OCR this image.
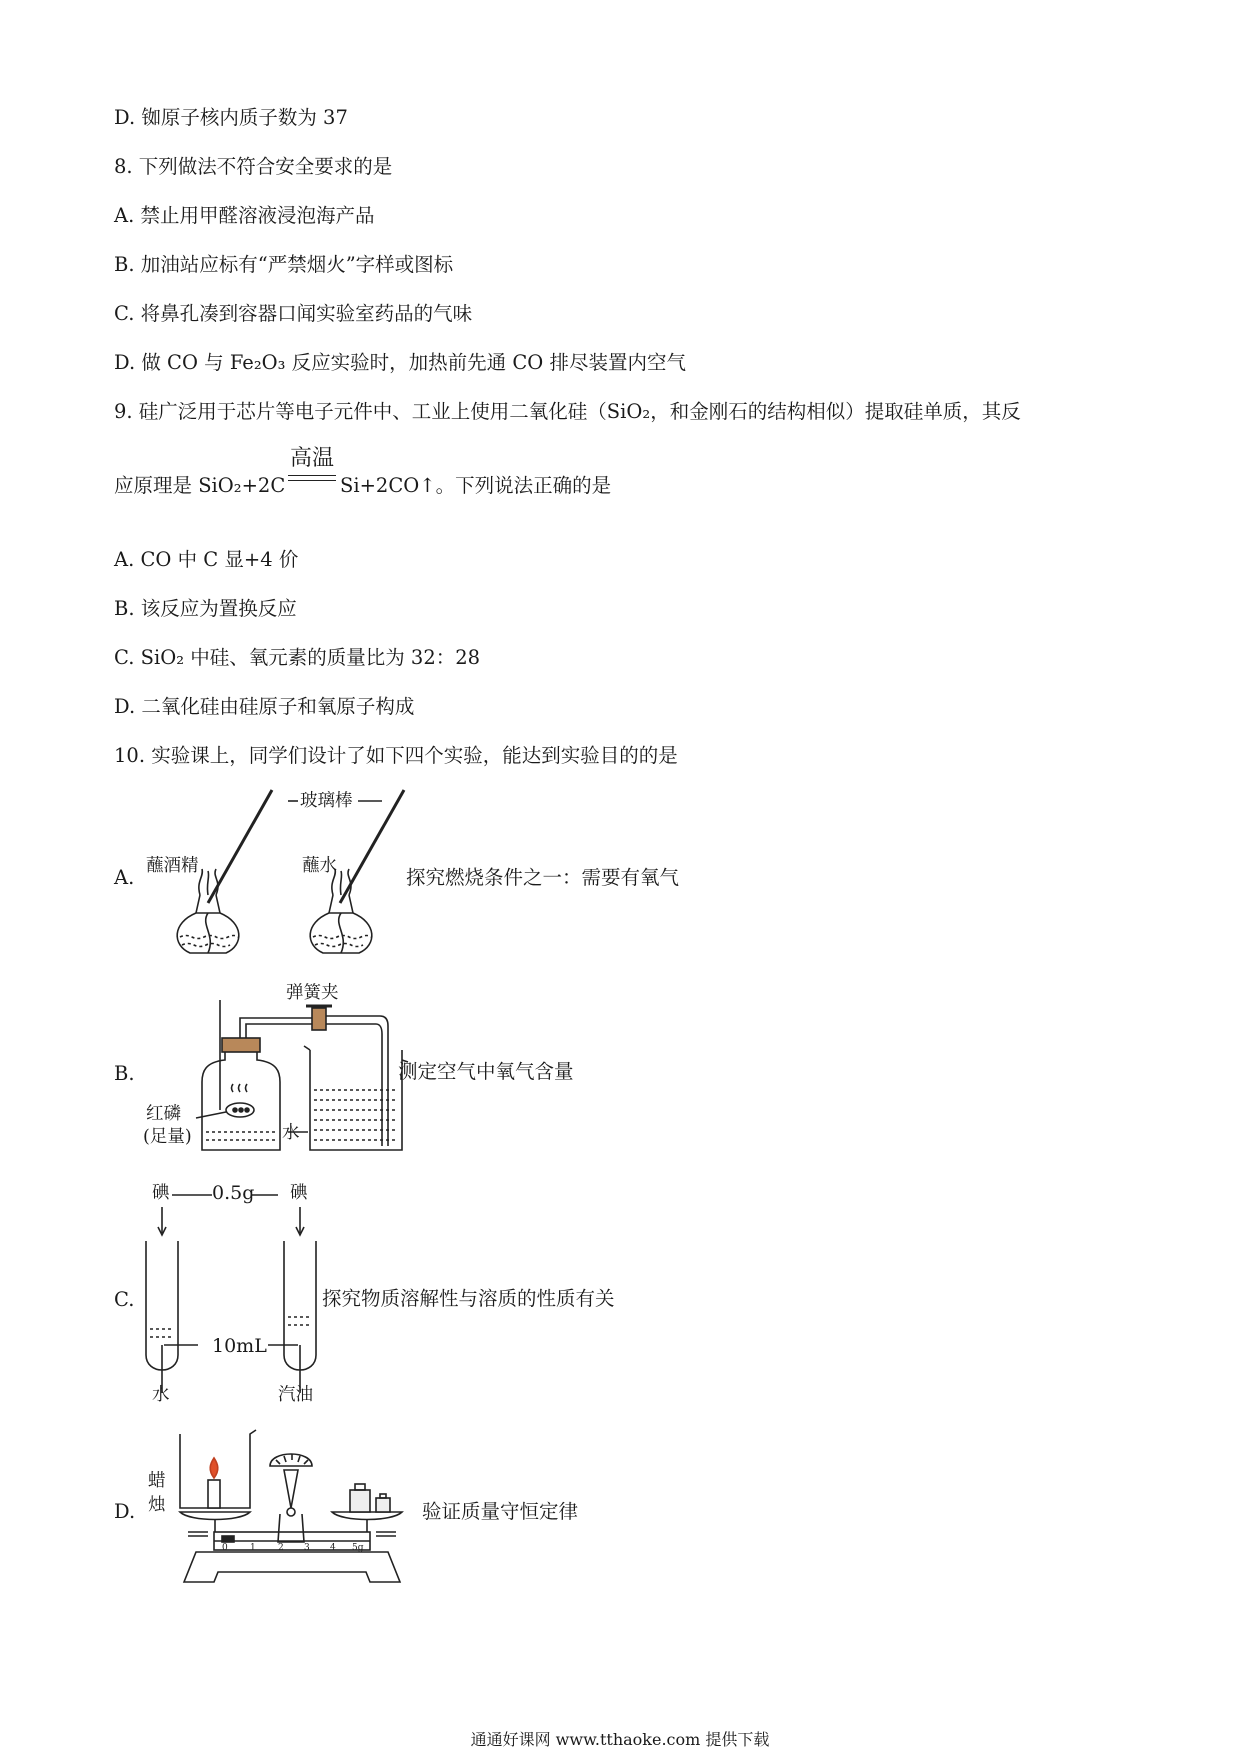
D. 铷原子核内质子数为 37
8. 下列做法不符合安全要求的是
A. 禁止用甲醛溶液浸泡海产品
B. 加油站应标有“严禁烟火”字样或图标
C. 将鼻孔凑到容器口闻实验室药品的气味
D. 做 CO 与 Fe₂O₃ 反应实验时，加热前先通 CO 排尽装置内空气
9. 硅广泛用于芯片等电子元件中、工业上使用二氧化硅（SiO₂，和金刚石的结构相似）提取硅单质，其反
应原理是 SiO₂+2C
高温
Si+2CO↑。下列说法正确的是
A. CO 中 C 显+4 价
B. 该反应为置换反应
C. SiO₂ 中硅、氧元素的质量比为 32：28
D. 二氧化硅由硅原子和氧原子构成
10. 实验课上，同学们设计了如下四个实验，能达到实验目的的是
A.
玻璃棒
蘸酒精	蘸水	探究燃烧条件之一：需要有氧气
B.
弹簧夹
红磷
(足量)	水
测定空气中氧气含量
C.
碘 0.5g 碘
10mL
水	汽油
探究物质溶解性与溶质的性质有关
D.
0 1 2 3 4 5g
蜡
烛	验证质量守恒定律
通通好课网 www.tthaoke.com 提供下载
